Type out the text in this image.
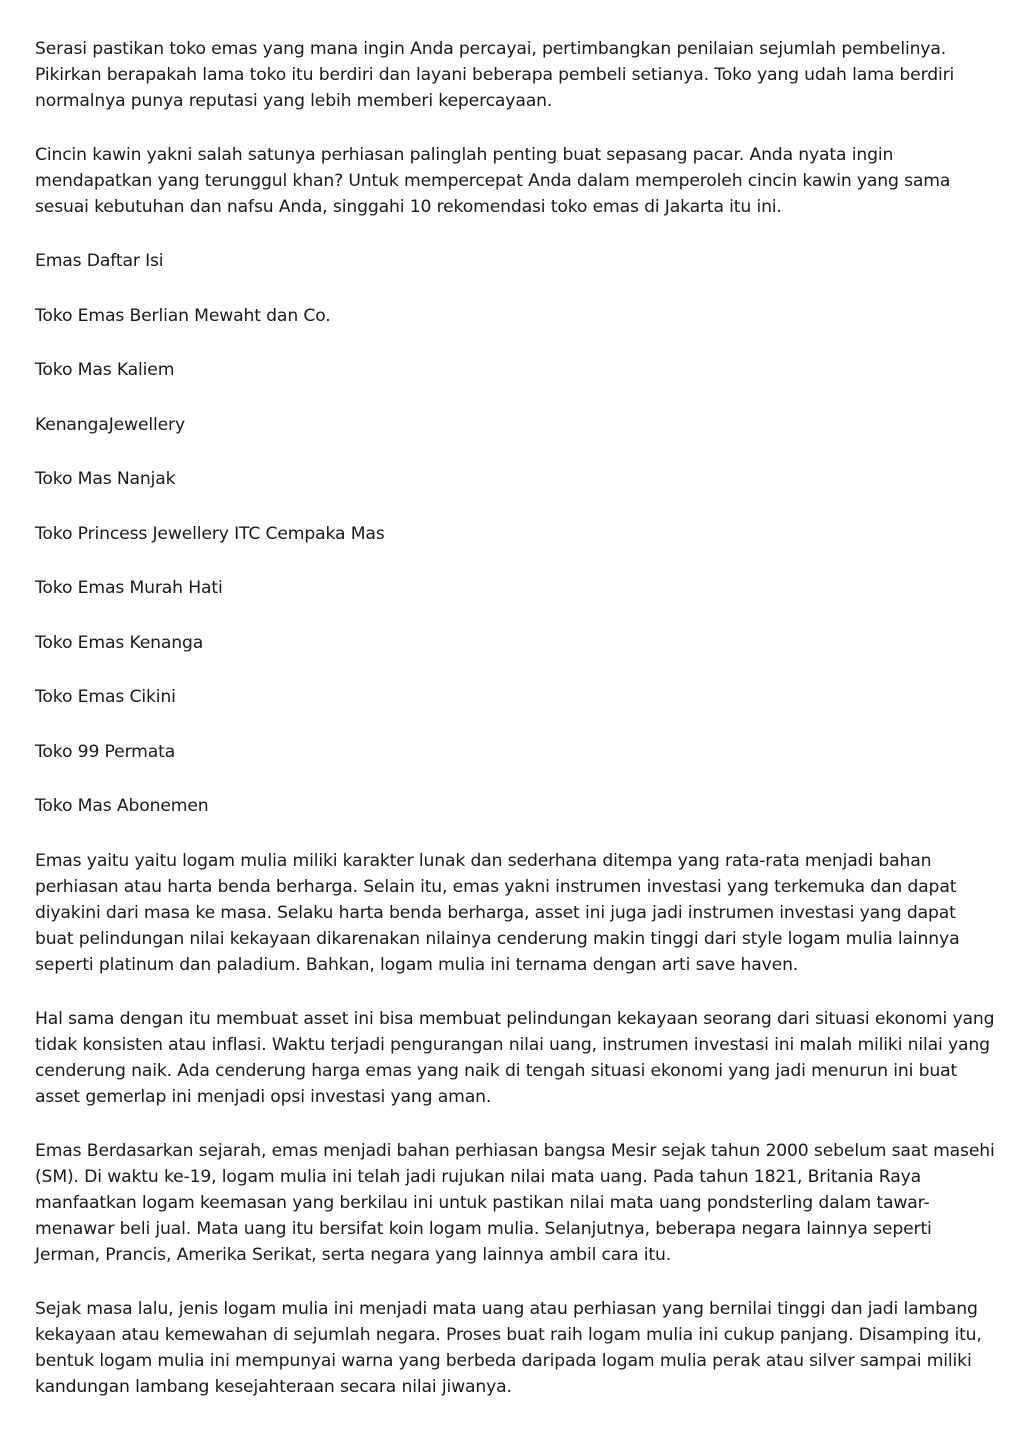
Serasi pastikan toko emas yang mana ingin Anda percayai, pertimbangkan penilaian sejumlah pembelinya. Pikirkan berapakah lama toko itu berdiri dan layani beberapa pembeli setianya. Toko yang udah lama berdiri normalnya punya reputasi yang lebih memberi kepercayaan.

Cincin kawin yakni salah satunya perhiasan palinglah penting buat sepasang pacar. Anda nyata ingin mendapatkan yang terunggul khan? Untuk mempercepat Anda dalam memperoleh cincin kawin yang sama sesuai kebutuhan dan nafsu Anda, singgahi 10 rekomendasi toko emas di Jakarta itu ini.

Emas Daftar Isi

Toko Emas Berlian Mewaht dan Co.

Toko Mas Kaliem

KenangaJewellery

Toko Mas Nanjak

Toko Princess Jewellery ITC Cempaka Mas

Toko Emas Murah Hati

Toko Emas Kenanga

Toko Emas Cikini

Toko 99 Permata

Toko Mas Abonemen

Emas yaitu yaitu logam mulia miliki karakter lunak dan sederhana ditempa yang rata-rata menjadi bahan perhiasan atau harta benda berharga. Selain itu, emas yakni instrumen investasi yang terkemuka dan dapat diyakini dari masa ke masa. Selaku harta benda berharga, asset ini juga jadi instrumen investasi yang dapat buat pelindungan nilai kekayaan dikarenakan nilainya cenderung makin tinggi dari style logam mulia lainnya seperti platinum dan paladium. Bahkan, logam mulia ini ternama dengan arti save haven.

Hal sama dengan itu membuat asset ini bisa membuat pelindungan kekayaan seorang dari situasi ekonomi yang tidak konsisten atau inflasi. Waktu terjadi pengurangan nilai uang, instrumen investasi ini malah miliki nilai yang cenderung naik. Ada cenderung harga emas yang naik di tengah situasi ekonomi yang jadi menurun ini buat asset gemerlap ini menjadi opsi investasi yang aman.

Emas Berdasarkan sejarah, emas menjadi bahan perhiasan bangsa Mesir sejak tahun 2000 sebelum saat masehi (SM). Di waktu ke-19, logam mulia ini telah jadi rujukan nilai mata uang. Pada tahun 1821, Britania Raya manfaatkan logam keemasan yang berkilau ini untuk pastikan nilai mata uang pondsterling dalam tawar-menawar beli jual. Mata uang itu bersifat koin logam mulia. Selanjutnya, beberapa negara lainnya seperti Jerman, Prancis, Amerika Serikat, serta negara yang lainnya ambil cara itu.

Sejak masa lalu, jenis logam mulia ini menjadi mata uang atau perhiasan yang bernilai tinggi dan jadi lambang kekayaan atau kemewahan di sejumlah negara. Proses buat raih logam mulia ini cukup panjang. Disamping itu, bentuk logam mulia ini mempunyai warna yang berbeda daripada logam mulia perak atau silver sampai miliki kandungan lambang kesejahteraan secara nilai jiwanya.
